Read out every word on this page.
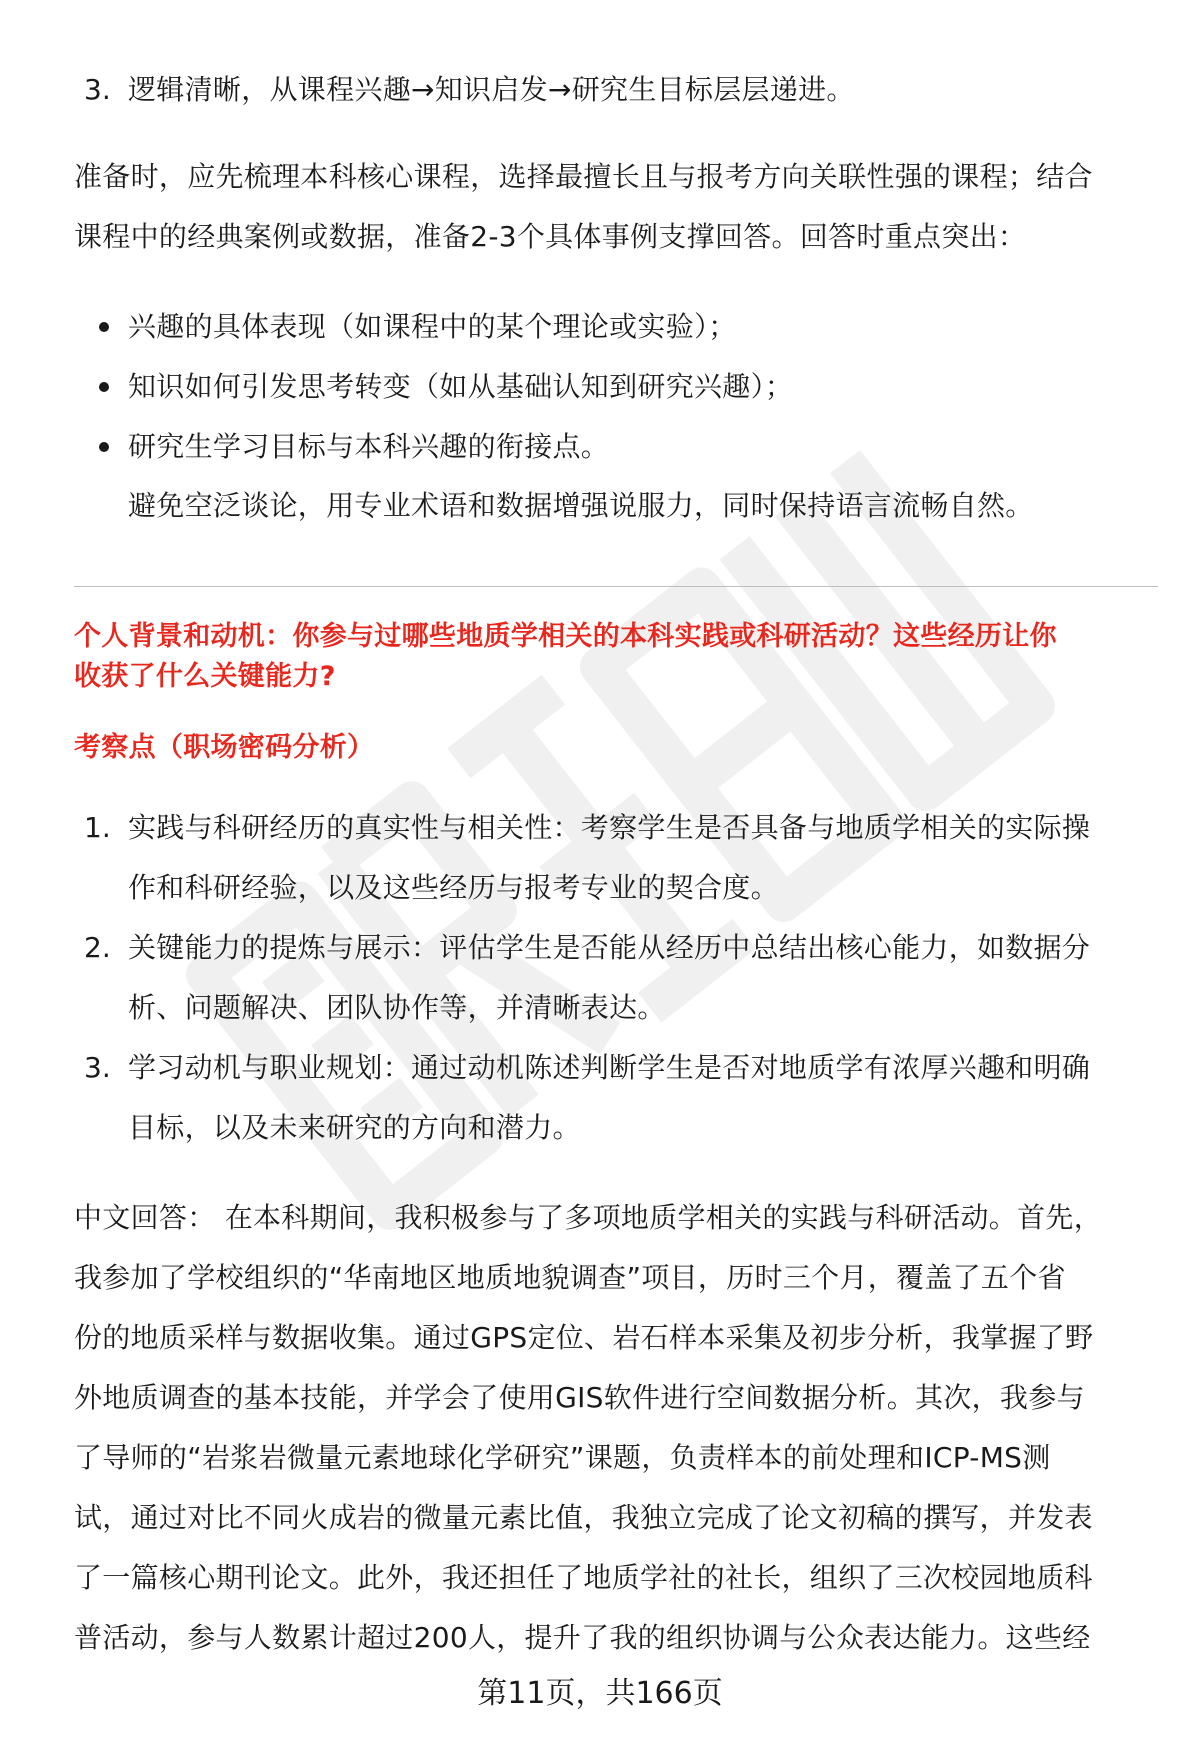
3. 逻辑清晰，从课程兴趣→知识启发→研究生目标层层递进。
准备时，应先梳理本科核心课程，选择最擅长且与报考方向关联性强的课程；结合
课程中的经典案例或数据，准备2-3个具体事例支撑回答。回答时重点突出：
兴趣的具体表现（如课程中的某个理论或实验）；
知识如何引发思考转变（如从基础认知到研究兴趣）；
研究生学习目标与本科兴趣的衔接点。
避免空泛谈论，用专业术语和数据增强说服力，同时保持语言流畅自然。
个人背景和动机：你参与过哪些地质学相关的本科实践或科研活动？这些经历让你
收获了什么关键能力?
考察点（职场密码分析）
1. 实践与科研经历的真实性与相关性：考察学生是否具备与地质学相关的实际操
作和科研经验，以及这些经历与报考专业的契合度。
2. 关键能力的提炼与展示：评估学生是否能从经历中总结出核心能力，如数据分
析、问题解决、团队协作等，并清晰表达。
3. 学习动机与职业规划：通过动机陈述判断学生是否对地质学有浓厚兴趣和明确
目标，以及未来研究的方向和潜力。
中文回答： 在本科期间，我积极参与了多项地质学相关的实践与科研活动。首先，
我参加了学校组织的“华南地区地质地貌调查”项目，历时三个月，覆盖了五个省
份的地质采样与数据收集。通过GPS定位、岩石样本采集及初步分析，我掌握了野
外地质调查的基本技能，并学会了使用GIS软件进行空间数据分析。其次，我参与
了导师的“岩浆岩微量元素地球化学研究”课题，负责样本的前处理和ICP-MS测
试，通过对比不同火成岩的微量元素比值，我独立完成了论文初稿的撰写，并发表
了一篇核心期刊论文。此外，我还担任了地质学社的社长，组织了三次校园地质科
普活动，参与人数累计超过200人，提升了我的组织协调与公众表达能力。这些经
第11页，共166页
